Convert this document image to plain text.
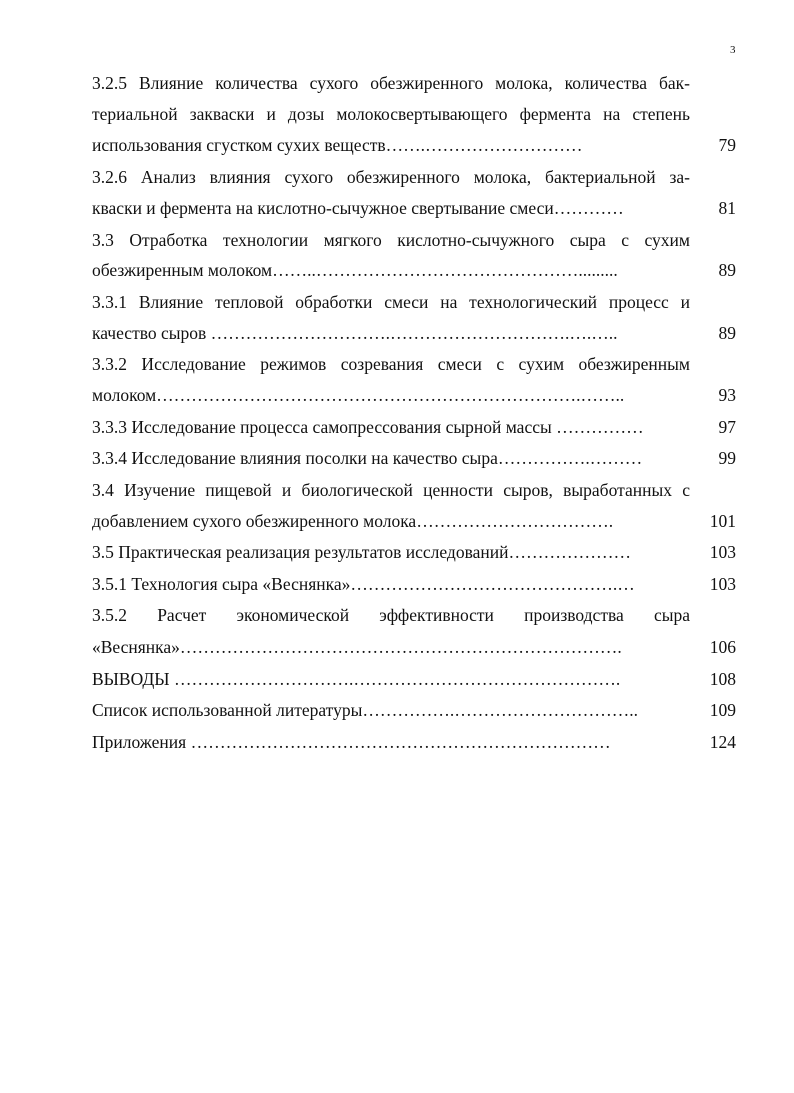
3
3.2.5 Влияние количества сухого обезжиренного молока, количества бак-
териальной закваски и дозы молокосвертывающего фермента на степень
использования сгустком сухих веществ…….………………………	79
3.2.6 Анализ влияния сухого обезжиренного молока, бактериальной за-
кваски и фермента на кислотно-сычужное свертывание смеси…………	81
3.3 Отработка технологии мягкого кислотно-сычужного сыра с сухим
обезжиренным молоком……..……………………………………….........	89
3.3.1 Влияние тепловой обработки смеси на технологический процесс и
качество сыров ………………………….………………………….….…..	89
3.3.2 Исследование режимов созревания смеси с сухим обезжиренным
молоком……………………………………………………………….……..	93
3.3.3 Исследование процесса самопрессования сырной массы ……………	97
3.3.4 Исследование влияния посолки на качество сыра…………….………	99
3.4 Изучение пищевой и биологической ценности сыров, выработанных с
добавлением сухого обезжиренного молока…………………………….	101
3.5 Практическая реализация результатов исследований…………………	103
3.5.1 Технология сыра «Веснянка»……………………………………….…	103
3.5.2 Расчет экономической эффективности производства сыра
«Веснянка»………………………………………………………………….	106
ВЫВОДЫ ………………………….……………………………………….	108
Список использованной литературы…………….…………………………..	109
Приложения ………………………………………………………………	124
